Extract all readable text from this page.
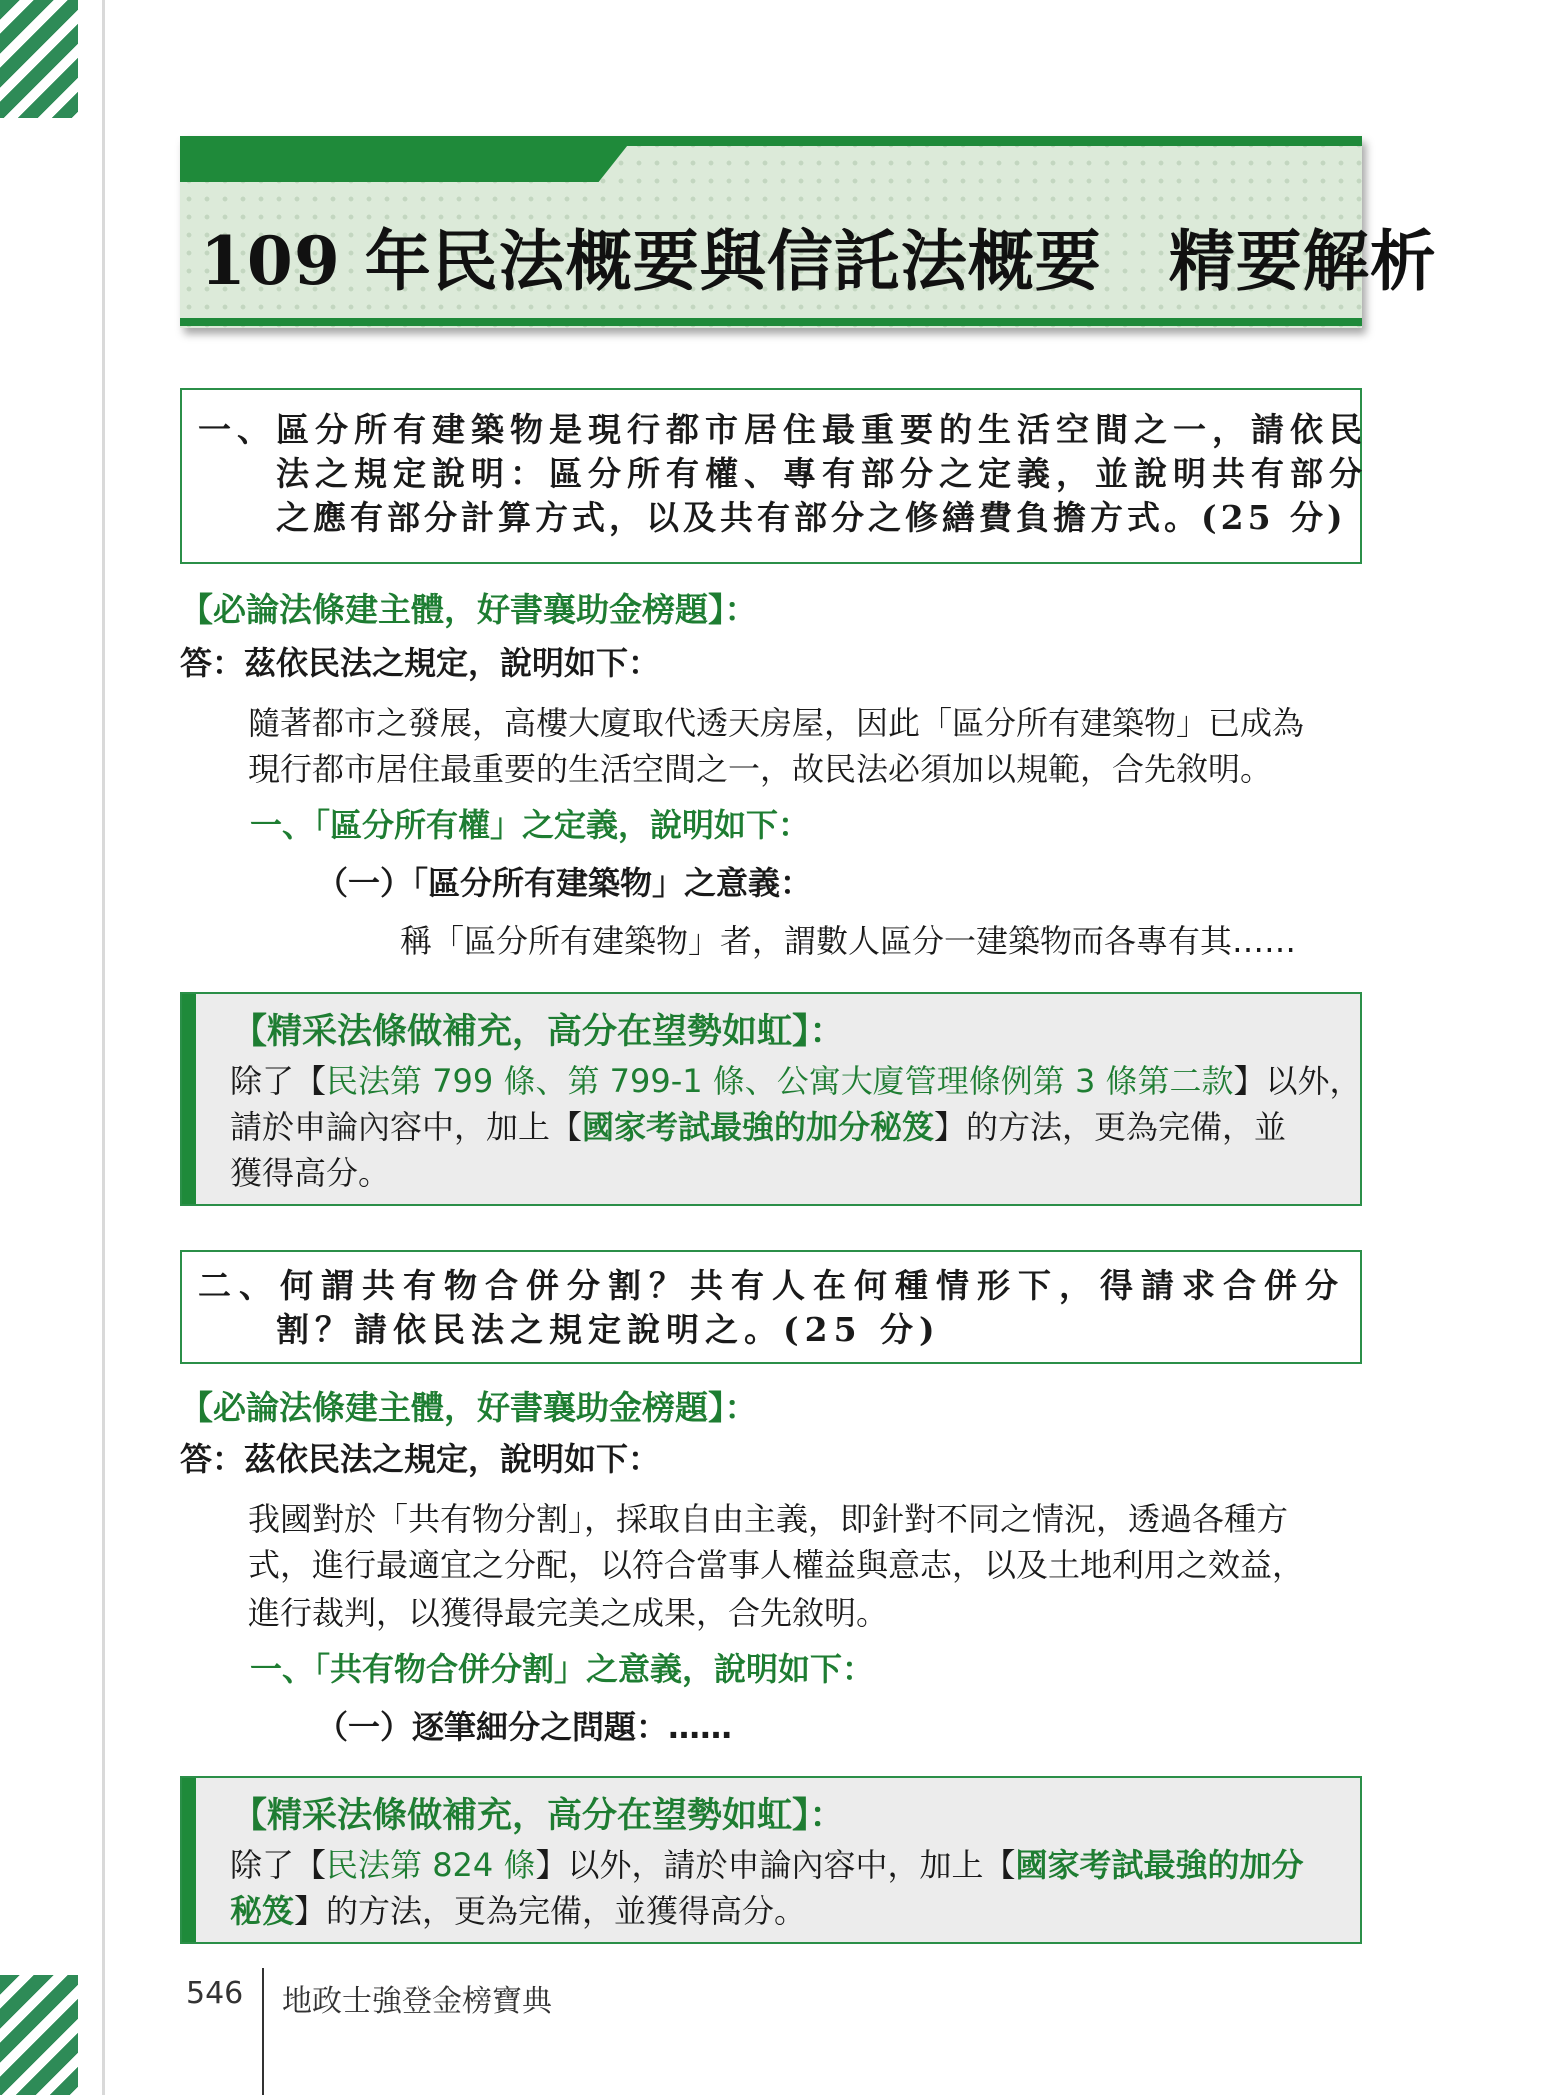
109 年民法概要與信託法概要　精要解析
一、區分所有建築物是現行都市居住最重要的生活空間之一，請依民
法之規定說明：區分所有權、專有部分之定義，並說明共有部分
之應有部分計算方式，以及共有部分之修繕費負擔方式。(25 分)
【必論法條建主體，好書襄助金榜題】：
答：茲依民法之規定，說明如下：
隨著都市之發展，高樓大廈取代透天房屋，因此「區分所有建築物」已成為
現行都市居住最重要的生活空間之一，故民法必須加以規範，合先敘明。
一、「區分所有權」之定義，說明如下：
（一）「區分所有建築物」之意義：
稱「區分所有建築物」者，謂數人區分一建築物而各專有其……
【精采法條做補充，高分在望勢如虹】：
除了【民法第 799 條、第 799-1 條、公寓大廈管理條例第 3 條第二款】以外，
請於申論內容中，加上【國家考試最強的加分秘笈】的方法，更為完備，並
獲得高分。
二、何謂共有物合併分割？共有人在何種情形下，得請求合併分
割？請依民法之規定說明之。(25 分)
【必論法條建主體，好書襄助金榜題】：
答：茲依民法之規定，說明如下：
我國對於「共有物分割」，採取自由主義，即針對不同之情況，透過各種方
式，進行最適宜之分配，以符合當事人權益與意志，以及土地利用之效益，
進行裁判，以獲得最完美之成果，合先敘明。
一、「共有物合併分割」之意義，說明如下：
（一）逐筆細分之問題：……
【精采法條做補充，高分在望勢如虹】：
除了【民法第 824 條】以外，請於申論內容中，加上【國家考試最強的加分
秘笈】的方法，更為完備，並獲得高分。
546 地政士強登金榜寶典
